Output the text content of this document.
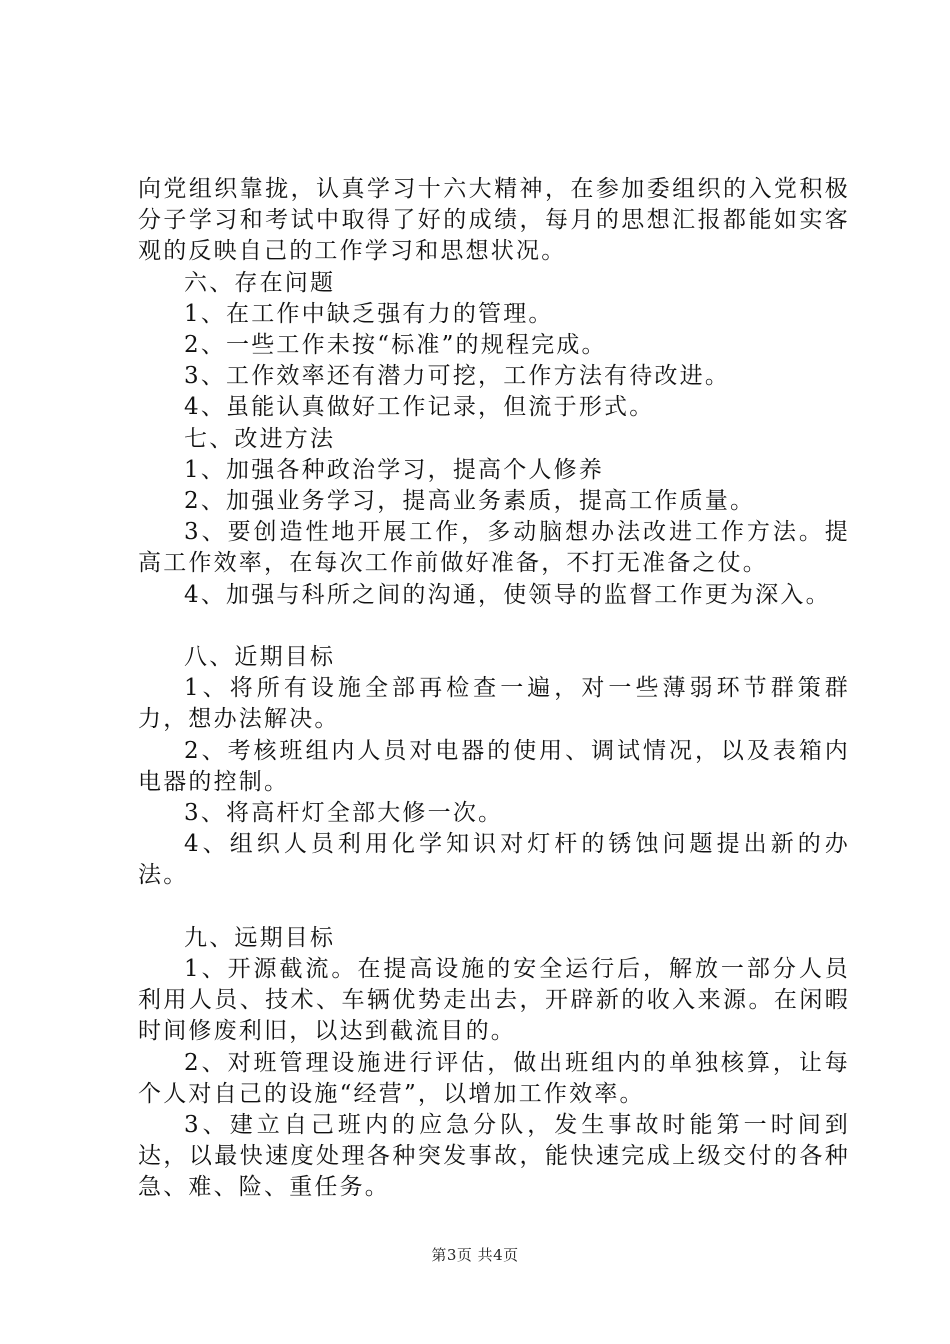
向党组织靠拢，认真学习十六大精神，在参加委组织的入党积极分子学习和考试中取得了好的成绩，每月的思想汇报都能如实客观的反映自己的工作学习和思想状况。

六、存在问题

1、在工作中缺乏强有力的管理。

2、一些工作未按“标准”的规程完成。

3、工作效率还有潜力可挖，工作方法有待改进。

4、虽能认真做好工作记录，但流于形式。

七、改进方法

1、加强各种政治学习，提高个人修养

2、加强业务学习，提高业务素质，提高工作质量。

3、要创造性地开展工作，多动脑想办法改进工作方法。提高工作效率，在每次工作前做好准备，不打无准备之仗。

4、加强与科所之间的沟通，使领导的监督工作更为深入。

八、近期目标

1、将所有设施全部再检查一遍，对一些薄弱环节群策群力，想办法解决。

2、考核班组内人员对电器的使用、调试情况，以及表箱内电器的控制。

3、将高杆灯全部大修一次。

4、组织人员利用化学知识对灯杆的锈蚀问题提出新的办法。

九、远期目标

1、开源截流。在提高设施的安全运行后，解放一部分人员利用人员、技术、车辆优势走出去，开辟新的收入来源。在闲暇时间修废利旧，以达到截流目的。

2、对班管理设施进行评估，做出班组内的单独核算，让每个人对自己的设施“经营”，以增加工作效率。

3、建立自己班内的应急分队，发生事故时能第一时间到达，以最快速度处理各种突发事故，能快速完成上级交付的各种急、难、险、重任务。

第3页 共4页
